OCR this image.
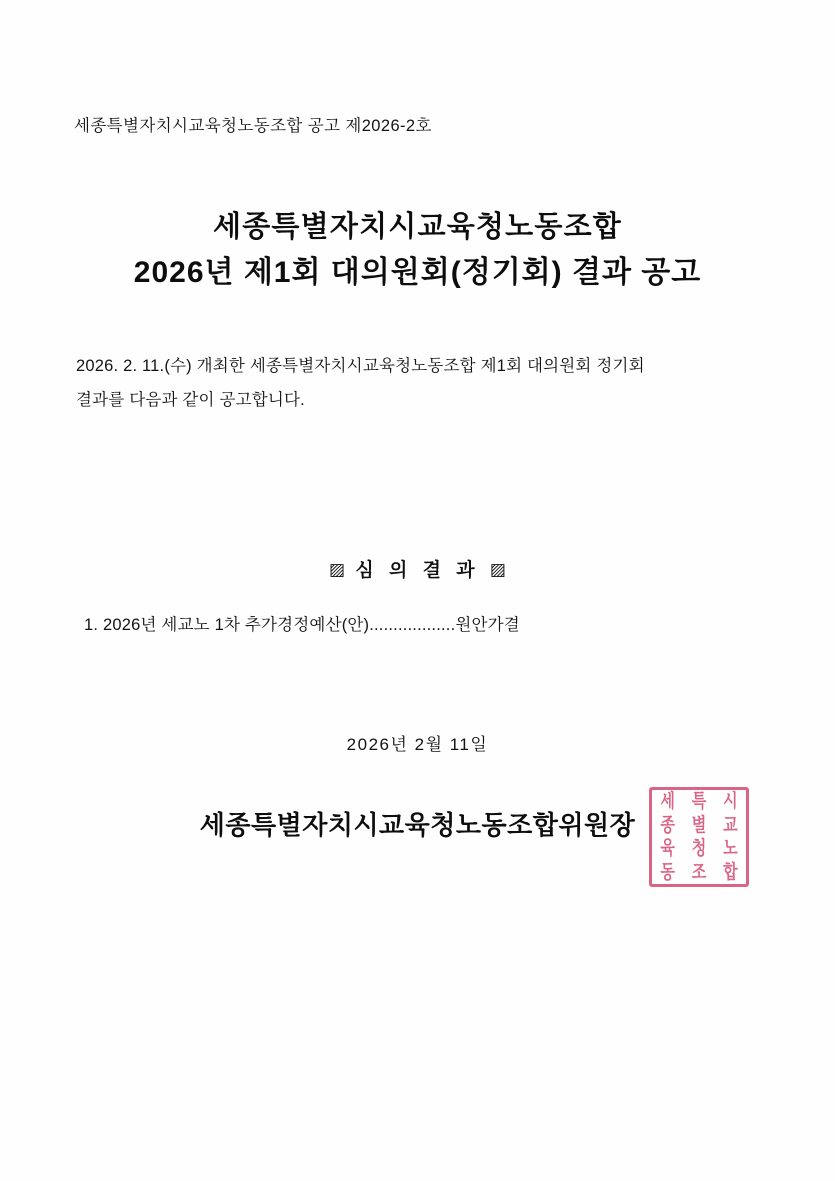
세종특별자치시교육청노동조합 공고 제2026-2호
세종특별자치시교육청노동조합
2026년 제1회 대의원회(정기회) 결과 공고
2026. 2. 11.(수) 개최한 세종특별자치시교육청노동조합 제1회 대의원회 정기회
결과를 다음과 같이 공고합니다.
▨ 심 의 결 과 ▨
1. 2026년 세교노 1차 추가경정예산(안)..................원안가결
2026년 2월 11일
세종특별자치시교육청노동조합위원장
세 특 시
종 별 교
육 청 노
동 조 합
